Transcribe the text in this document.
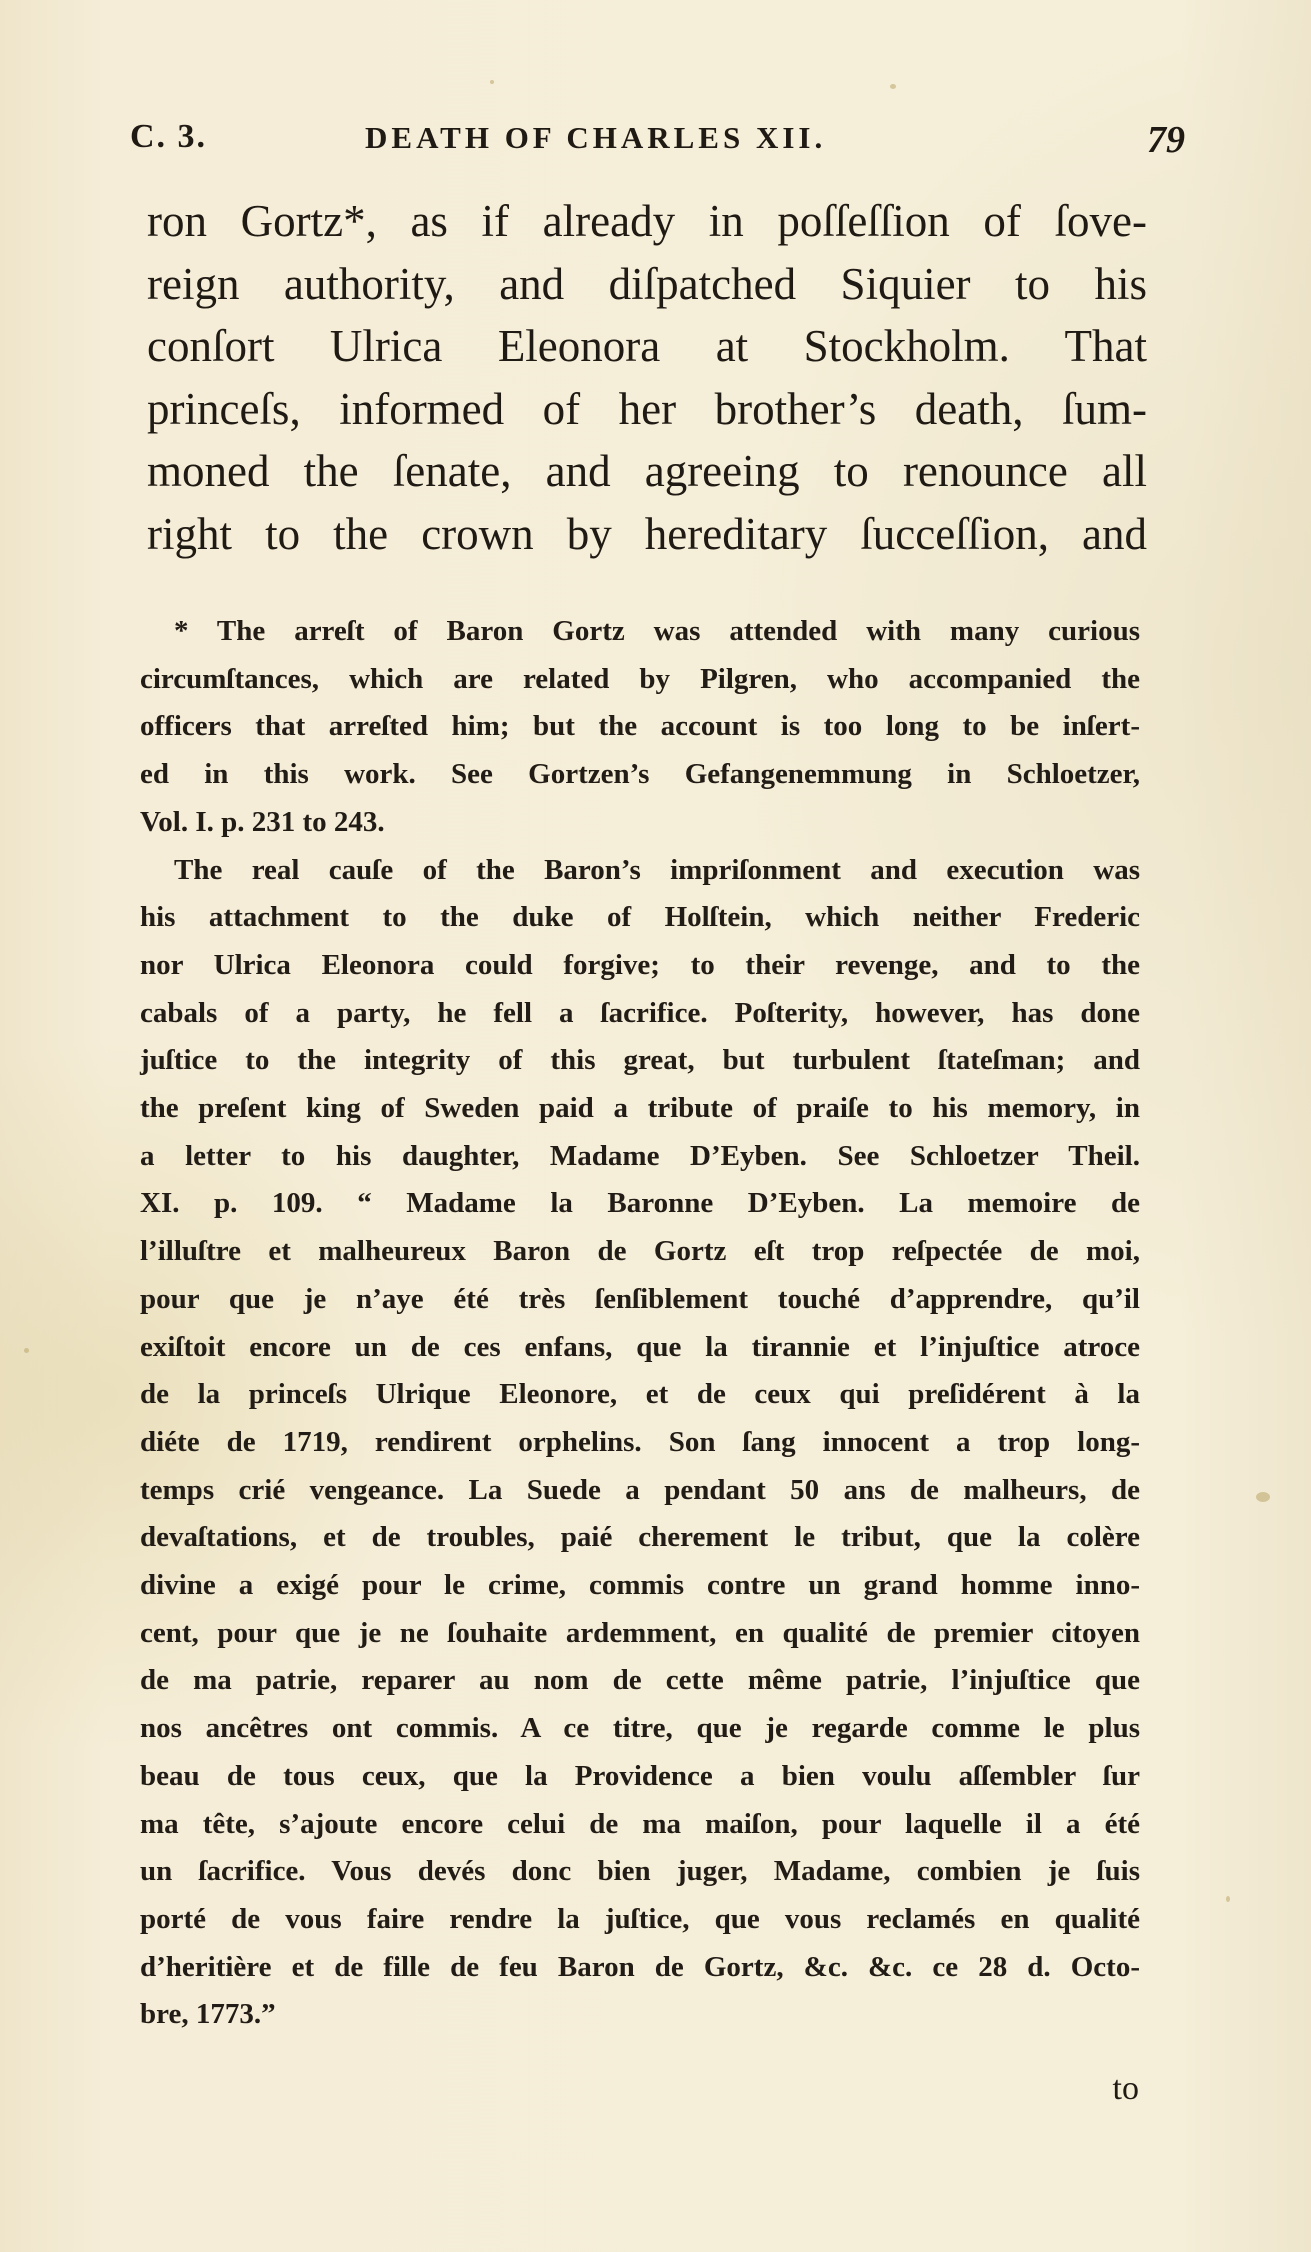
C. 3.	DEATH OF CHARLES XII.	79
ron Gortz*, as if already in poſſeſſion of ſove-
reign authority, and diſpatched Siquier to his
conſort Ulrica Eleonora at Stockholm. That
princeſs, informed of her brother’s death, ſum-
moned the ſenate, and agreeing to renounce all
right to the crown by hereditary ſucceſſion, and
* The arreſt of Baron Gortz was attended with many curious
circumſtances, which are related by Pilgren, who accompanied the
officers that arreſted him; but the account is too long to be inſert-
ed in this work. See Gortzen’s Gefangenemmung in Schloetzer,
Vol. I. p. 231 to 243.
The real cauſe of the Baron’s impriſonment and execution was
his attachment to the duke of Holſtein, which neither Frederic
nor Ulrica Eleonora could forgive; to their revenge, and to the
cabals of a party, he fell a ſacrifice. Poſterity, however, has done
juſtice to the integrity of this great, but turbulent ſtateſman; and
the preſent king of Sweden paid a tribute of praiſe to his memory, in
a letter to his daughter, Madame D’Eyben. See Schloetzer Theil.
XI. p. 109. “ Madame la Baronne D’Eyben. La memoire de
l’illuſtre et malheureux Baron de Gortz eſt trop reſpectée de moi,
pour que je n’aye été très ſenſiblement touché d’apprendre, qu’il
exiſtoit encore un de ces enfans, que la tirannie et l’injuſtice atroce
de la princeſs Ulrique Eleonore, et de ceux qui preſidérent à la
diéte de 1719, rendirent orphelins. Son ſang innocent a trop long-
temps crié vengeance. La Suede a pendant 50 ans de malheurs, de
devaſtations, et de troubles, paié cherement le tribut, que la colère
divine a exigé pour le crime, commis contre un grand homme inno-
cent, pour que je ne ſouhaite ardemment, en qualité de premier citoyen
de ma patrie, reparer au nom de cette même patrie, l’injuſtice que
nos ancêtres ont commis. A ce titre, que je regarde comme le plus
beau de tous ceux, que la Providence a bien voulu aſſembler ſur
ma tête, s’ajoute encore celui de ma maiſon, pour laquelle il a été
un ſacrifice. Vous devés donc bien juger, Madame, combien je ſuis
porté de vous faire rendre la juſtice, que vous reclamés en qualité
d’heritière et de fille de feu Baron de Gortz, &c. &c. ce 28 d. Octo-
bre, 1773.”
to
